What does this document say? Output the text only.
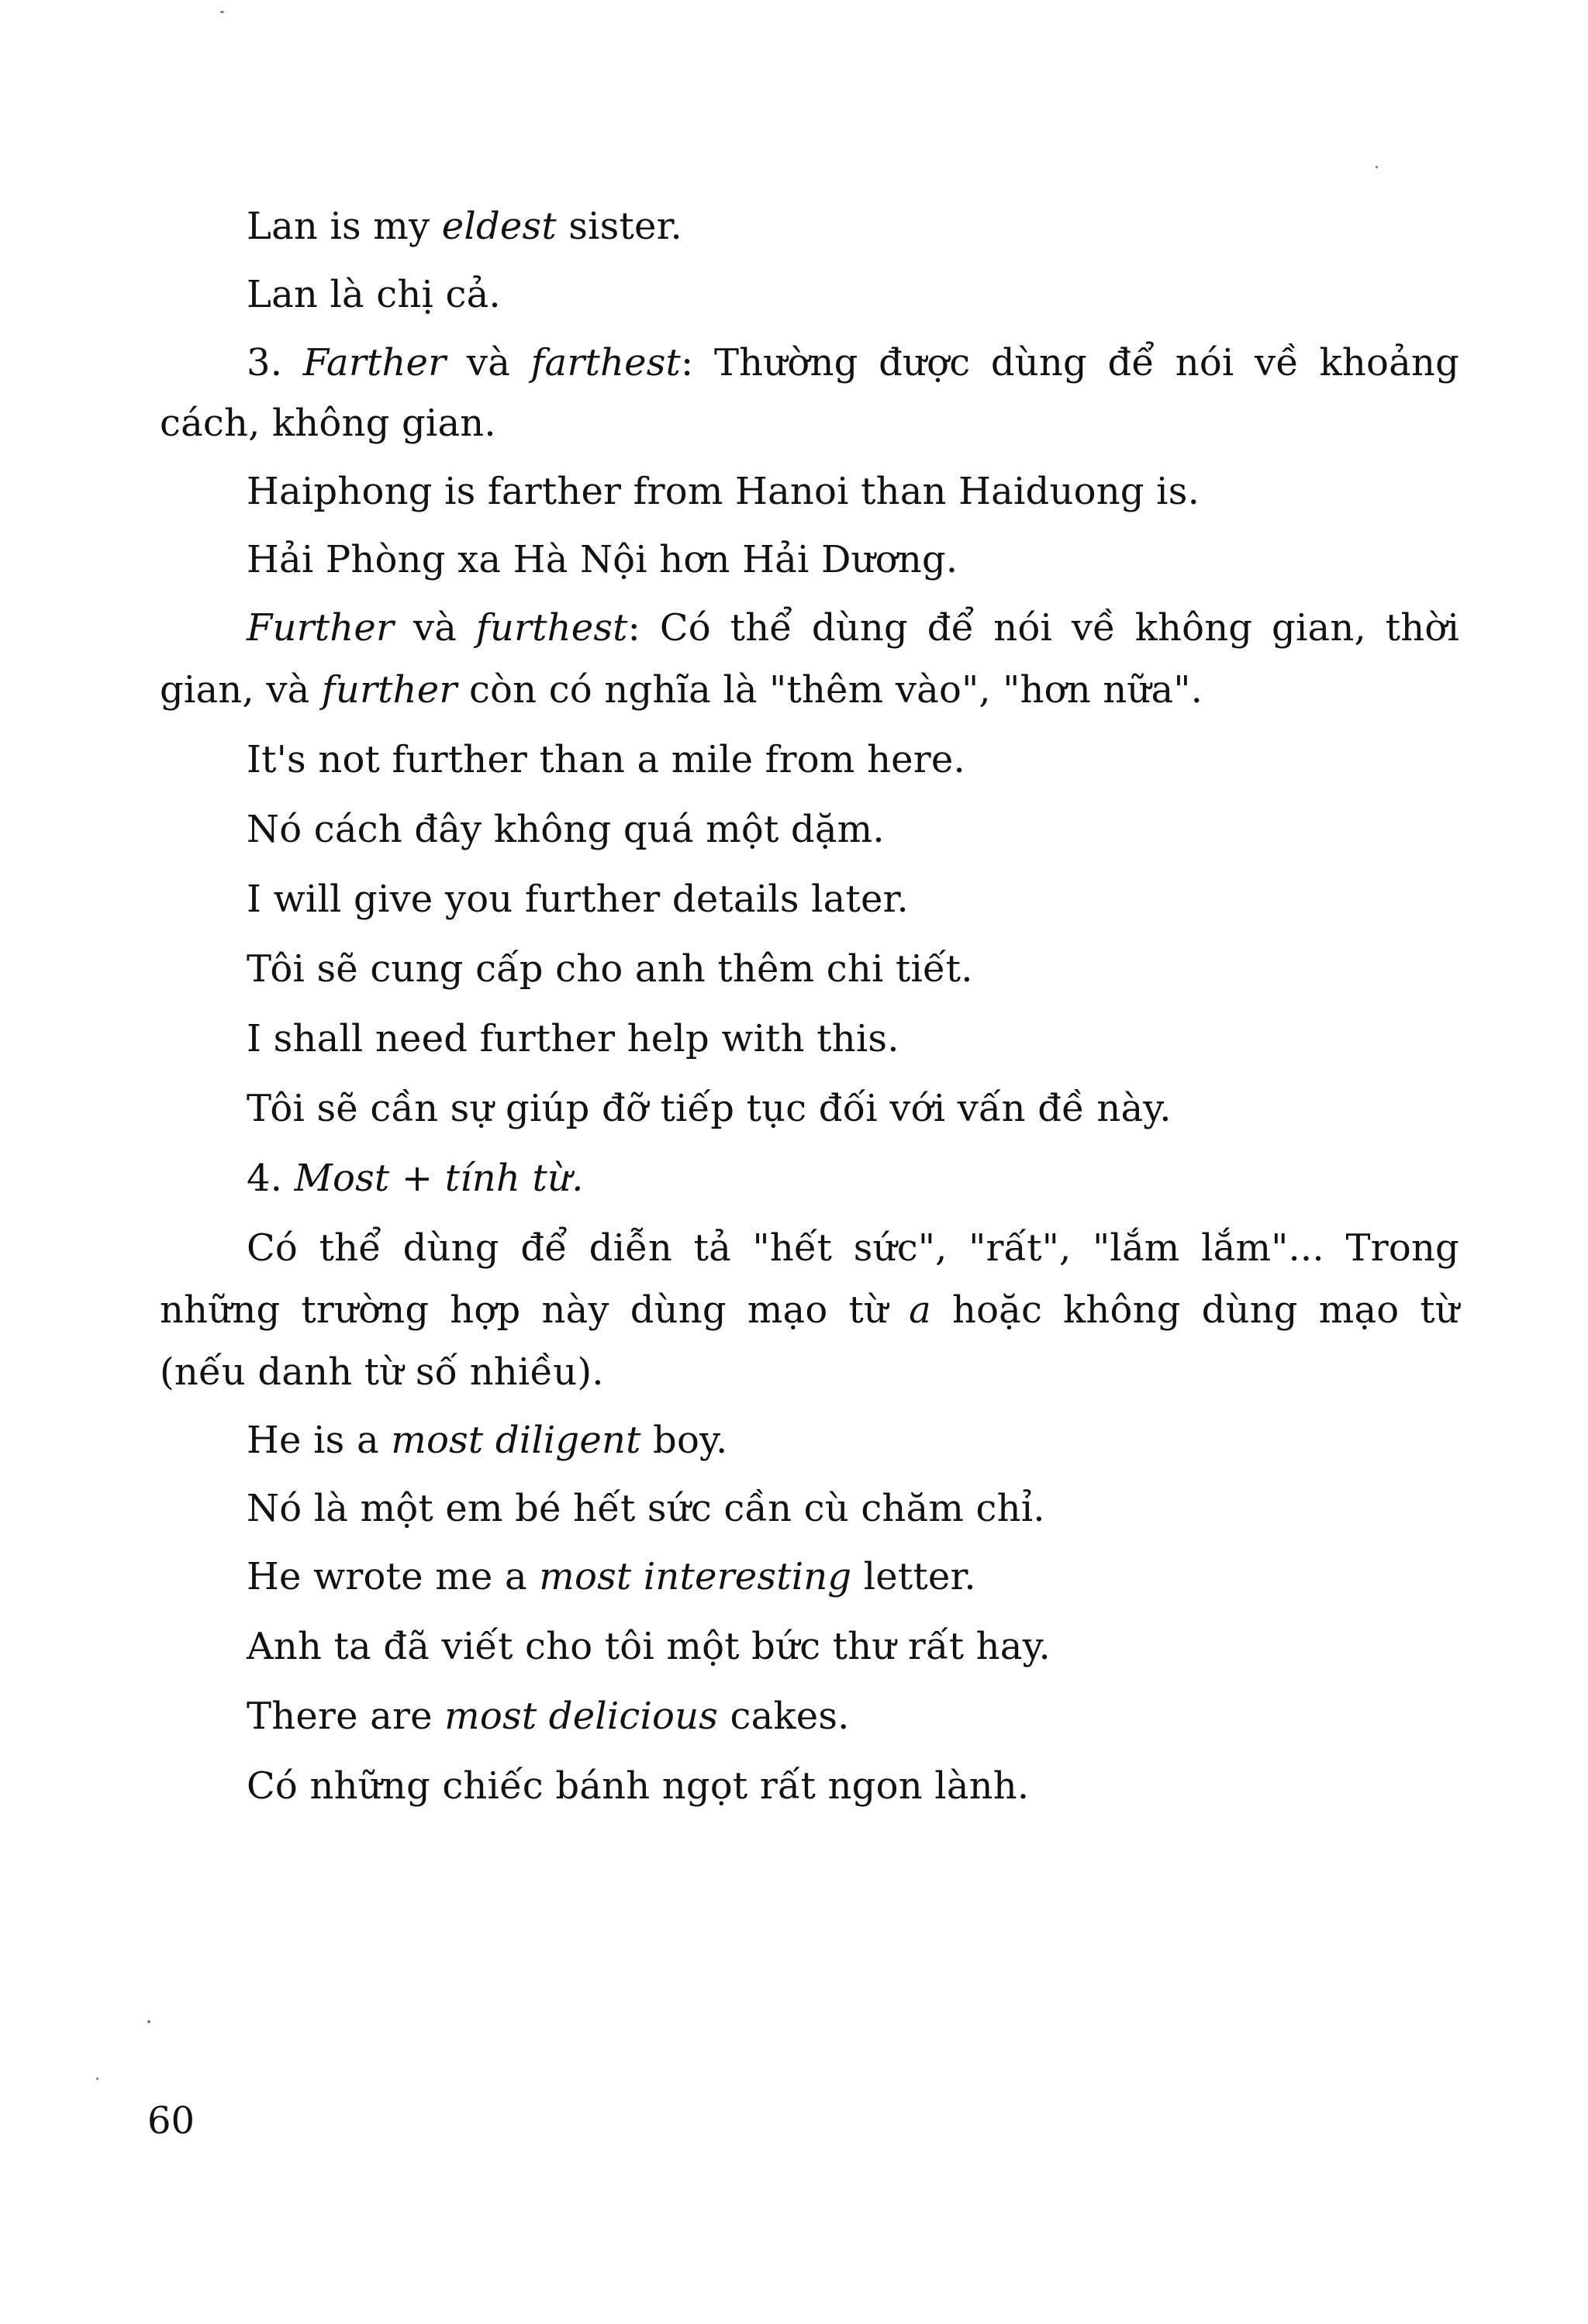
Lan is my eldest sister.
Lan là chị cả.
3. Farther và farthest: Thường được dùng để nói về khoảng
cách, không gian.
Haiphong is farther from Hanoi than Haiduong is.
Hải Phòng xa Hà Nội hơn Hải Dương.
Further và furthest: Có thể dùng để nói về không gian, thời
gian, và further còn có nghĩa là "thêm vào", "hơn nữa".
It's not further than a mile from here.
Nó cách đây không quá một dặm.
I will give you further details later.
Tôi sẽ cung cấp cho anh thêm chi tiết.
I shall need further help with this.
Tôi sẽ cần sự giúp đỡ tiếp tục đối với vấn đề này.
4. Most + tính từ.
Có thể dùng để diễn tả "hết sức", "rất", "lắm lắm"... Trong
những trường hợp này dùng mạo từ a hoặc không dùng mạo từ
(nếu danh từ số nhiều).
He is a most diligent boy.
Nó là một em bé hết sức cần cù chăm chỉ.
He wrote me a most interesting letter.
Anh ta đã viết cho tôi một bức thư rất hay.
There are most delicious cakes.
Có những chiếc bánh ngọt rất ngon lành.
60
